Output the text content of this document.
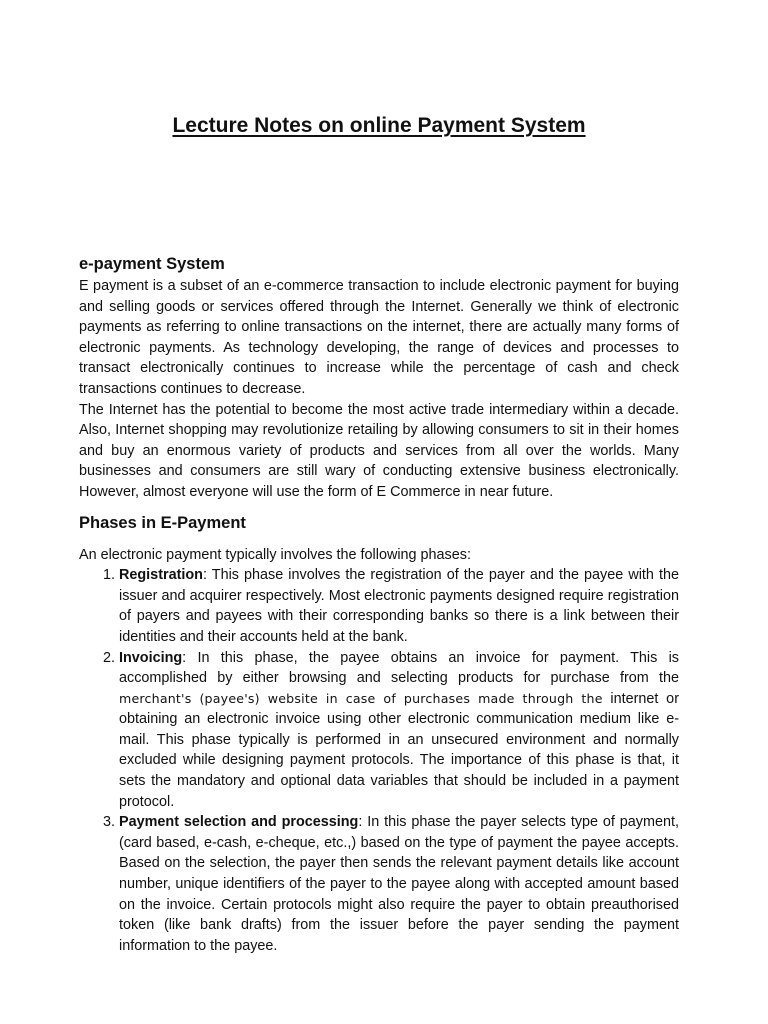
Lecture Notes on online Payment System
e-payment System

E payment is a subset of an e-commerce transaction to include electronic payment for buying and selling goods or services offered through the Internet. Generally we think of electronic payments as referring to online transactions on the internet, there are actually many forms of electronic payments. As technology developing, the range of devices and processes to transact electronically continues to increase while the percentage of cash and check transactions continues to decrease.

The Internet has the potential to become the most active trade intermediary within a decade. Also, Internet shopping may revolutionize retailing by allowing consumers to sit in their homes and buy an enormous variety of products and services from all over the worlds. Many businesses and consumers are still wary of conducting extensive business electronically. However, almost everyone will use the form of E Commerce in near future.

Phases in E-Payment

An electronic payment typically involves the following phases:

1. Registration: This phase involves the registration of the payer and the payee with the issuer and acquirer respectively. Most electronic payments designed require registration of payers and payees with their corresponding banks so there is a link between their identities and their accounts held at the bank.
2. Invoicing: In this phase, the payee obtains an invoice for payment. This is accomplished by either browsing and selecting products for purchase from the merchant's (payee's) website in case of purchases made through the internet or obtaining an electronic invoice using other electronic communication medium like e-mail. This phase typically is performed in an unsecured environment and normally excluded while designing payment protocols. The importance of this phase is that, it sets the mandatory and optional data variables that should be included in a payment protocol.
3. Payment selection and processing: In this phase the payer selects type of payment, (card based, e-cash, e-cheque, etc.,) based on the type of payment the payee accepts. Based on the selection, the payer then sends the relevant payment details like account number, unique identifiers of the payer to the payee along with accepted amount based on the invoice. Certain protocols might also require the payer to obtain preauthorised token (like bank drafts) from the issuer before the payer sending the payment information to the payee.
